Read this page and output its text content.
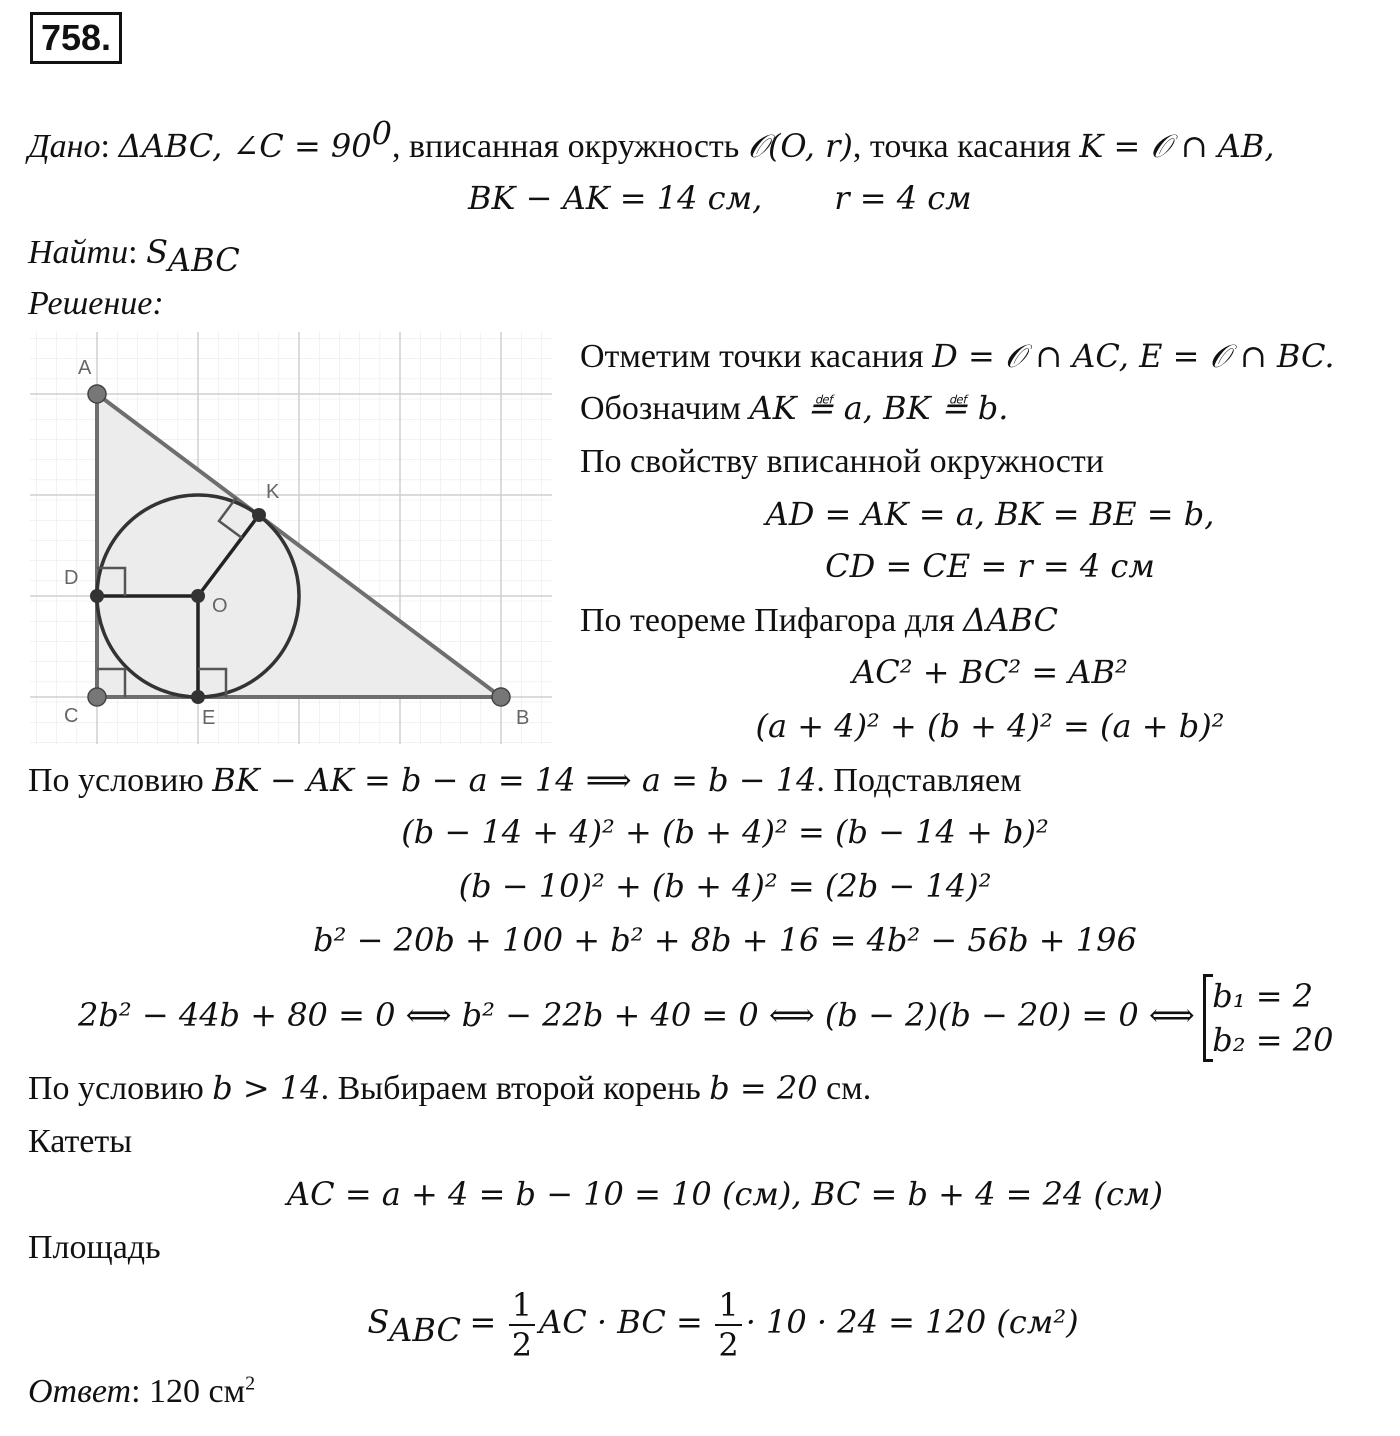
758.
Дано: ΔABC, ∠C = $90^0$, вписанная окружность 𝒪(O, r), точка касания K = 𝒪 ∩ AB,
BK − AK = 14 см, r = 4 см
Найти: $S_{ABC}$
Решение:
A
K
D
O
C	E	B
Отметим точки касания D = 𝒪 ∩ AC, E = 𝒪 ∩ BC.
Обозначим AK ≝ a, BK ≝ b.
По свойству вписанной окружности
AD = AK = a, BK = BE = b,
CD = CE = r = 4 см
По теореме Пифагора для ΔABC
AC² + BC² = AB²
(a + 4)² + (b + 4)² = (a + b)²
По условию BK − AK = b − a = 14 ⟹ a = b − 14. Подставляем
(b − 14 + 4)² + (b + 4)² = (b − 14 + b)²
(b − 10)² + (b + 4)² = (2b − 14)²
b² − 20b + 100 + b² + 8b + 16 = 4b² − 56b + 196
2b² − 44b + 80 = 0 ⟺ b² − 22b + 40 = 0 ⟺ (b − 2)(b − 20) = 0 ⟺ b₁ = 2
b₂ = 20
По условию b > 14. Выбираем второй корень b = 20 см.
Катеты
AC = a + 4 = b − 10 = 10 (см), BC = b + 4 = 24 (см)
Площадь
$S_{ABC} = \frac{1}{2}$ AC · BC = $\frac{1}{2} \cdot 10 \cdot 24 = 120$ (см²)
Ответ: 120 $см^2$
